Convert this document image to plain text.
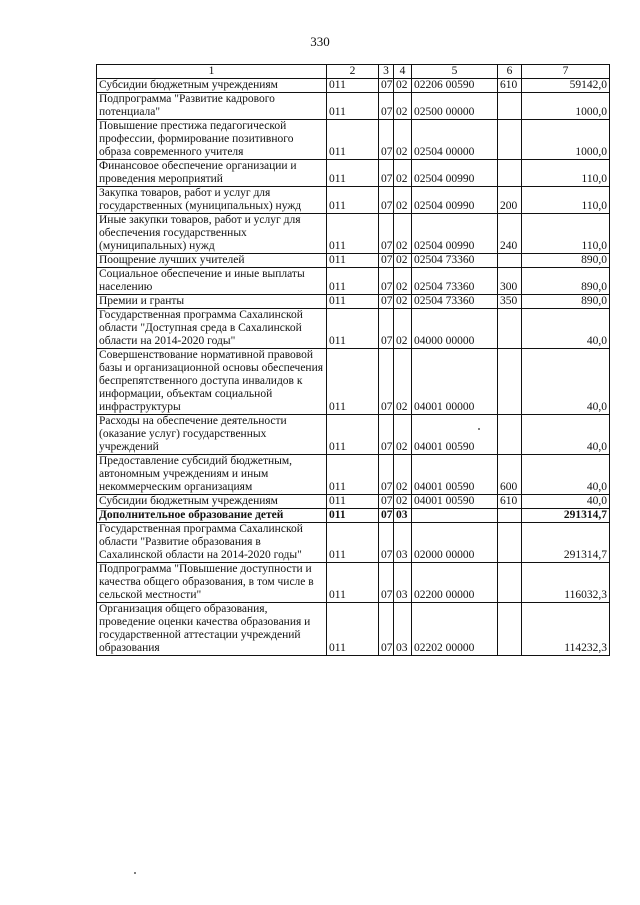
330
1	2	3	4	5	6	7
Субсидии бюджетным учреждениям	011	07	02	02206 00590	610	59142,0
Подпрограмма "Развитие кадрового потенциала"	011	07	02	02500 00000		1000,0
Повышение престижа педагогической профессии, формирование позитивного образа современного учителя	011	07	02	02504 00000		1000,0
Финансовое обеспечение организации и проведения мероприятий	011	07	02	02504 00990		110,0
Закупка товаров, работ и услуг для государственных (муниципальных) нужд	011	07	02	02504 00990	200	110,0
Иные закупки товаров, работ и услуг для обеспечения государственных (муниципальных) нужд	011	07	02	02504 00990	240	110,0
Поощрение лучших учителей	011	07	02	02504 73360		890,0
Социальное обеспечение и иные выплаты населению	011	07	02	02504 73360	300	890,0
Премии и гранты	011	07	02	02504 73360	350	890,0
Государственная программа Сахалинской области "Доступная среда в Сахалинской области на 2014-2020 годы"	011	07	02	04000 00000		40,0
Совершенствование нормативной правовой базы и организационной основы обеспечения беспрепятственного доступа инвалидов к информации, объектам социальной инфраструктуры	011	07	02	04001 00000		40,0
Расходы на обеспечение деятельности (оказание услуг) государственных учреждений	011	07	02	04001 00590		40,0
Предоставление субсидий бюджетным, автономным учреждениям и иным некоммерческим организациям	011	07	02	04001 00590	600	40,0
Субсидии бюджетным учреждениям	011	07	02	04001 00590	610	40,0
Дополнительное образование детей	011	07	03			291314,7
Государственная программа Сахалинской области "Развитие образования в Сахалинской области на 2014-2020 годы"	011	07	03	02000 00000		291314,7
Подпрограмма "Повышение доступности и качества общего образования, в том числе в сельской местности"	011	07	03	02200 00000		116032,3
Организация общего образования, проведение оценки качества образования и государственной аттестации учреждений образования	011	07	03	02202 00000		114232,3
